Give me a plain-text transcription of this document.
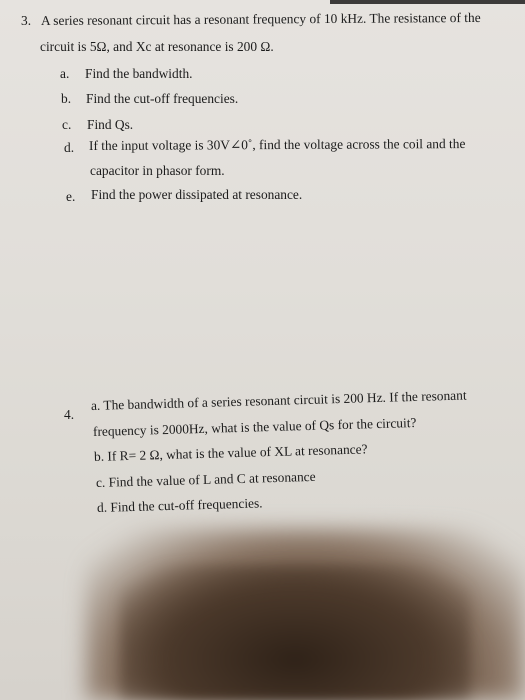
3. A series resonant circuit has a resonant frequency of 10 kHz. The resistance of the
circuit is 5Ω, and Xc at resonance is 200 Ω.
a. Find the bandwidth.
b. Find the cut-off frequencies.
c. Find Qs.
d. If the input voltage is 30V∠0˚, find the voltage across the coil and the
capacitor in phasor form.
e. Find the power dissipated at resonance.
4.
a. The bandwidth of a series resonant circuit is 200 Hz. If the resonant
frequency is 2000Hz, what is the value of Qs for the circuit?
b. If R= 2 Ω, what is the value of XL at resonance?
c. Find the value of L and C at resonance
d. Find the cut-off frequencies.
